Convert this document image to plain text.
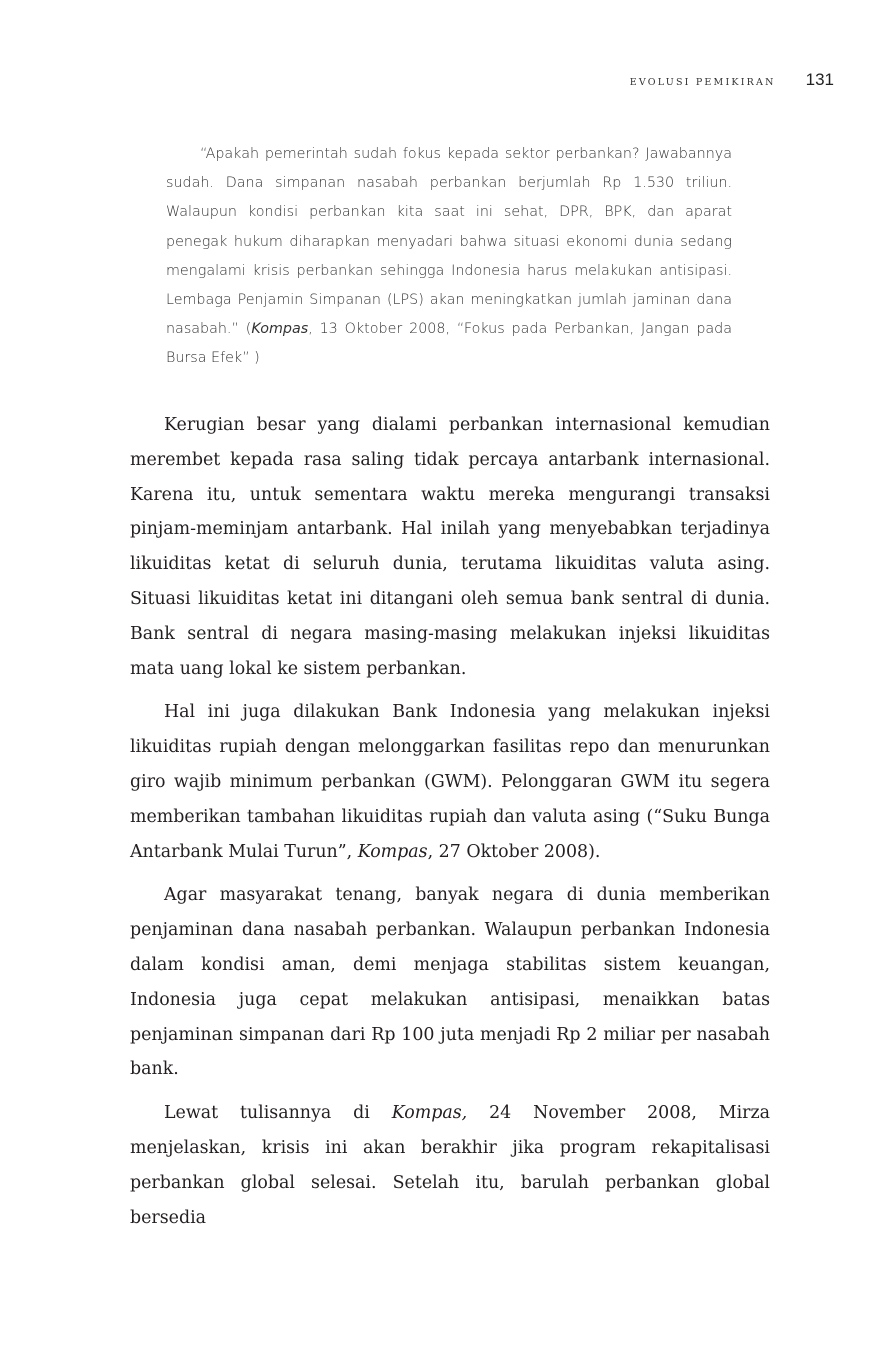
EVOLUSI PEMIKIRAN 131

“Apakah pemerintah sudah fokus kepada sektor perbankan? Jawabannya sudah. Dana simpanan nasabah perbankan berjumlah Rp 1.530 triliun. Walaupun kondisi perbankan kita saat ini sehat, DPR, BPK, dan aparat penegak hukum diharapkan menyadari bahwa situasi ekonomi dunia sedang mengalami krisis perbankan sehingga Indonesia harus melakukan antisipasi. Lembaga Penjamin Simpanan (LPS) akan meningkatkan jumlah jaminan dana nasabah.” (Kompas, 13 Oktober 2008, “Fokus pada Perbankan, Jangan pada Bursa Efek” )

Kerugian besar yang dialami perbankan internasional kemudian merembet kepada rasa saling tidak percaya antarbank internasional. Karena itu, untuk sementara waktu mereka mengurangi transaksi pinjam-meminjam antarbank. Hal inilah yang menyebabkan terjadinya likuiditas ketat di seluruh dunia, terutama likuiditas valuta asing. Situasi likuiditas ketat ini ditangani oleh semua bank sentral di dunia. Bank sentral di negara masing-masing melakukan injeksi likuiditas mata uang lokal ke sistem perbankan.

Hal ini juga dilakukan Bank Indonesia yang melakukan injeksi likuiditas rupiah dengan melonggarkan fasilitas repo dan menurunkan giro wajib minimum perbankan (GWM). Pelonggaran GWM itu segera memberikan tambahan likuiditas rupiah dan valuta asing (“Suku Bunga Antarbank Mulai Turun”, Kompas, 27 Oktober 2008).

Agar masyarakat tenang, banyak negara di dunia memberikan penjaminan dana nasabah perbankan. Walaupun perbankan Indonesia dalam kondisi aman, demi menjaga stabilitas sistem keuangan, Indonesia juga cepat melakukan antisipasi, menaikkan batas penjaminan simpanan dari Rp 100 juta menjadi Rp 2 miliar per nasabah bank.

Lewat tulisannya di Kompas, 24 November 2008, Mirza menjelaskan, krisis ini akan berakhir jika program rekapitalisasi perbankan global selesai. Setelah itu, barulah perbankan global bersedia
